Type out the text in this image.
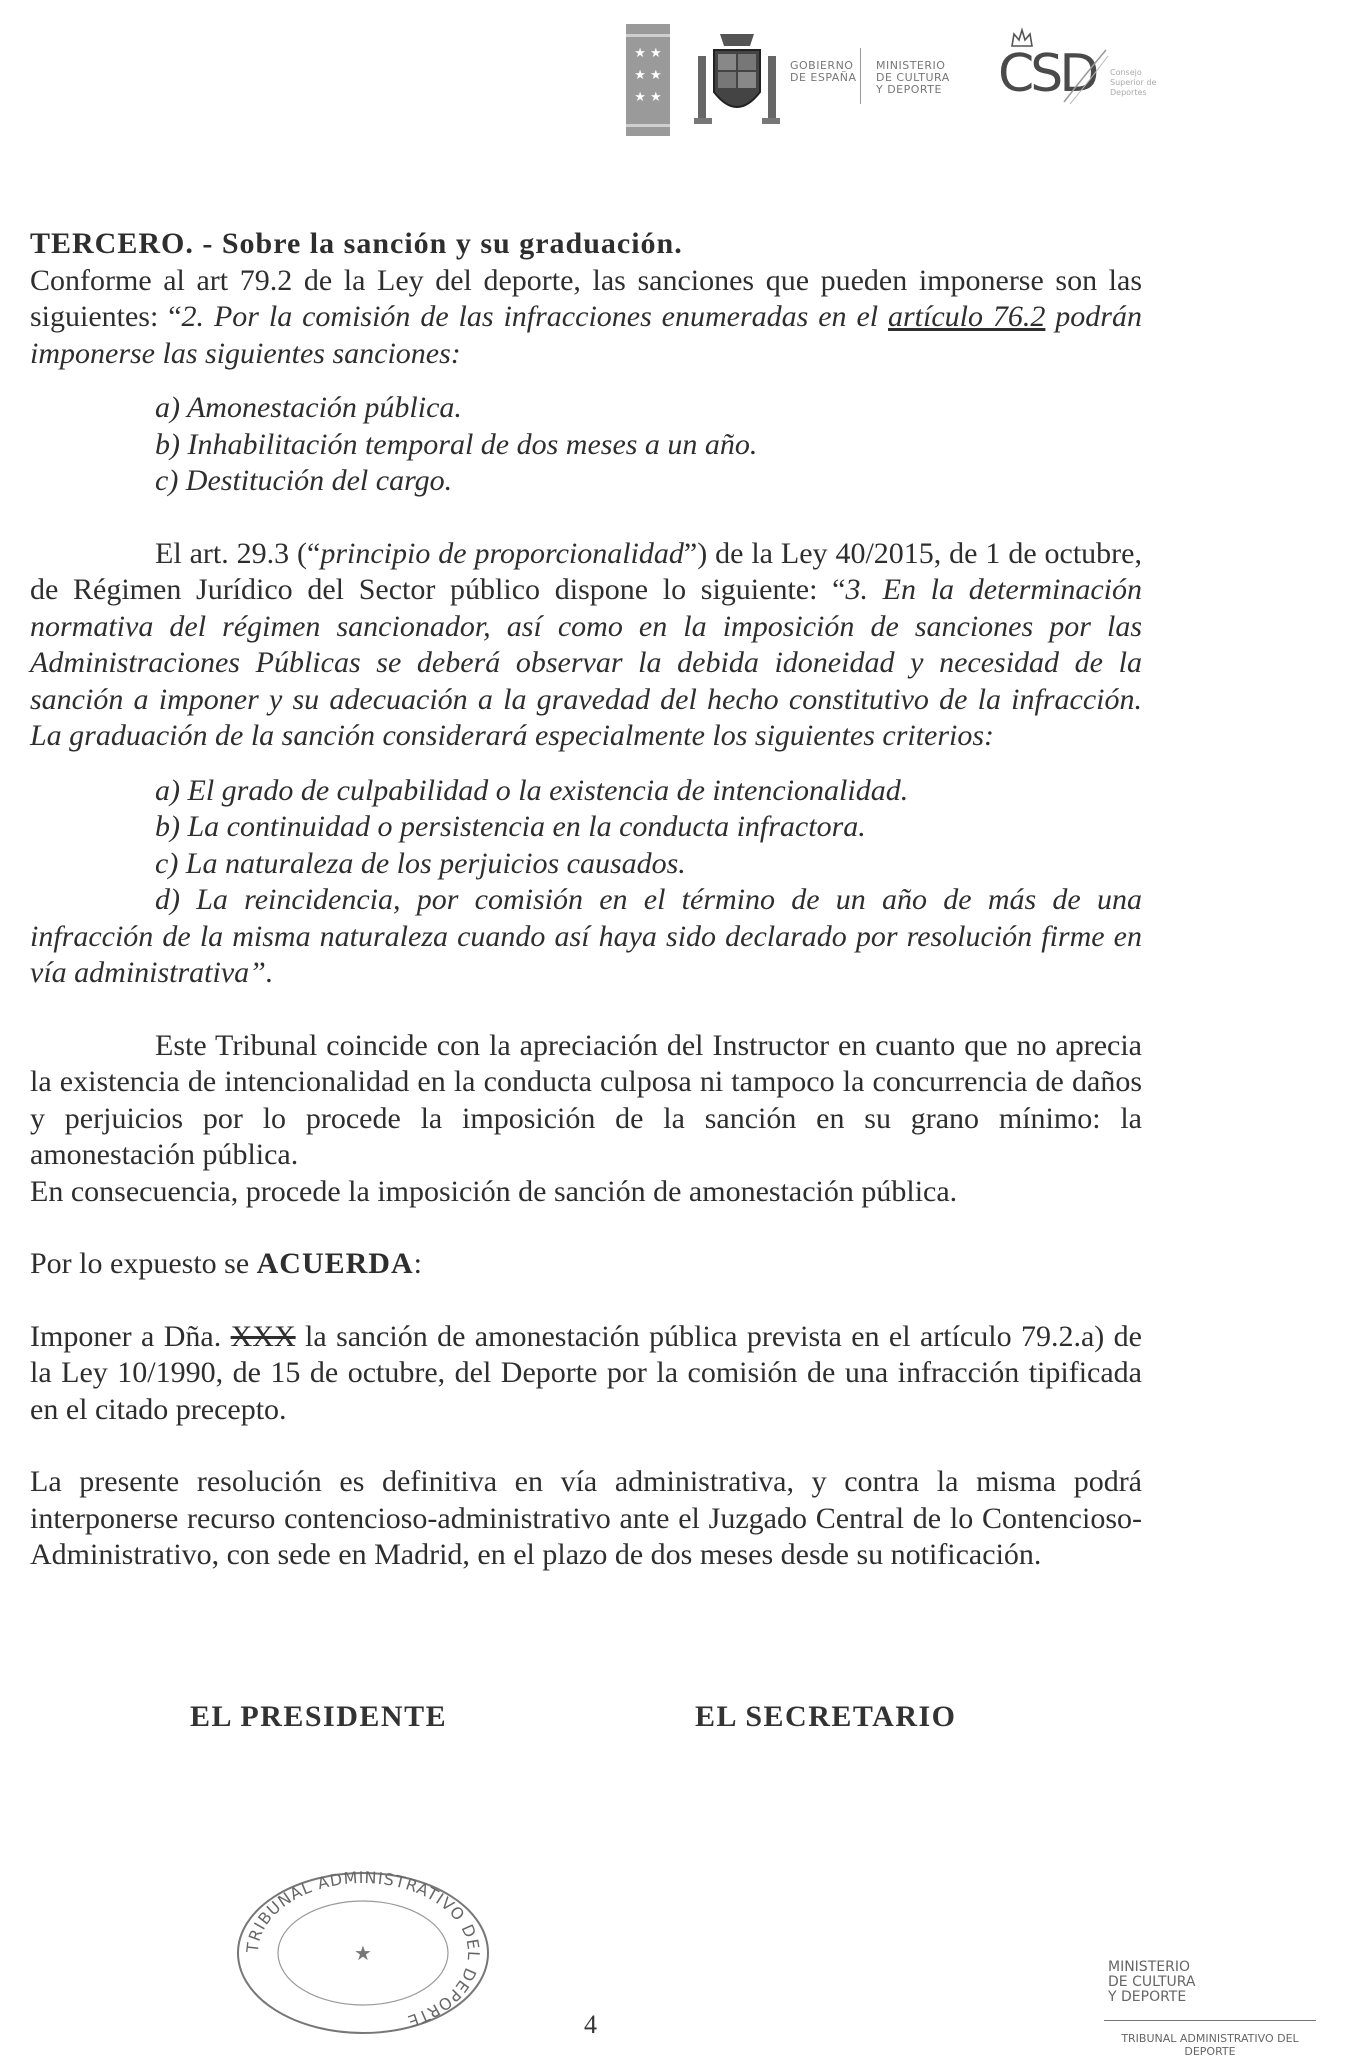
★ ★
★ ★
★ ★
GOBIERNO
DE ESPAÑA
MINISTERIO
DE CULTURA
Y DEPORTE CSD Consejo
Superior de
Deportes

TERCERO. - Sobre la sanción y su graduación.

Conforme al art 79.2 de la Ley del deporte, las sanciones que pueden imponerse son las siguientes: “2. Por la comisión de las infracciones enumeradas en el artículo 76.2 podrán imponerse las siguientes sanciones:

a) Amonestación pública.

b) Inhabilitación temporal de dos meses a un año.

c) Destitución del cargo.

El art. 29.3 (“principio de proporcionalidad”) de la Ley 40/2015, de 1 de octubre, de Régimen Jurídico del Sector público dispone lo siguiente: “3. En la determinación normativa del régimen sancionador, así como en la imposición de sanciones por las Administraciones Públicas se deberá observar la debida idoneidad y necesidad de la sanción a imponer y su adecuación a la gravedad del hecho constitutivo de la infracción. La graduación de la sanción considerará especialmente los siguientes criterios:

a) El grado de culpabilidad o la existencia de intencionalidad.

b) La continuidad o persistencia en la conducta infractora.

c) La naturaleza de los perjuicios causados.

d) La reincidencia, por comisión en el término de un año de más de una infracción de la misma naturaleza cuando así haya sido declarado por resolución firme en vía administrativa”.

Este Tribunal coincide con la apreciación del Instructor en cuanto que no aprecia la existencia de intencionalidad en la conducta culposa ni tampoco la concurrencia de daños y perjuicios por lo procede la imposición de la sanción en su grano mínimo: la amonestación pública.

En consecuencia, procede la imposición de sanción de amonestación pública.

Por lo expuesto se ACUERDA:

Imponer a Dña. XXX la sanción de amonestación pública prevista en el artículo 79.2.a) de la Ley 10/1990, de 15 de octubre, del Deporte por la comisión de una infracción tipificada en el citado precepto.

La presente resolución es definitiva en vía administrativa, y contra la misma podrá interponerse recurso contencioso-administrativo ante el Juzgado Central de lo Contencioso-Administrativo, con sede en Madrid, en el plazo de dos meses desde su notificación.

EL PRESIDENTE	EL SECRETARIO
TRIBUNAL ADMINISTRATIVO DEL DEPORTE
★
4
MINISTERIO
DE CULTURA
Y DEPORTE
TRIBUNAL ADMINISTRATIVO DEL
DEPORTE
